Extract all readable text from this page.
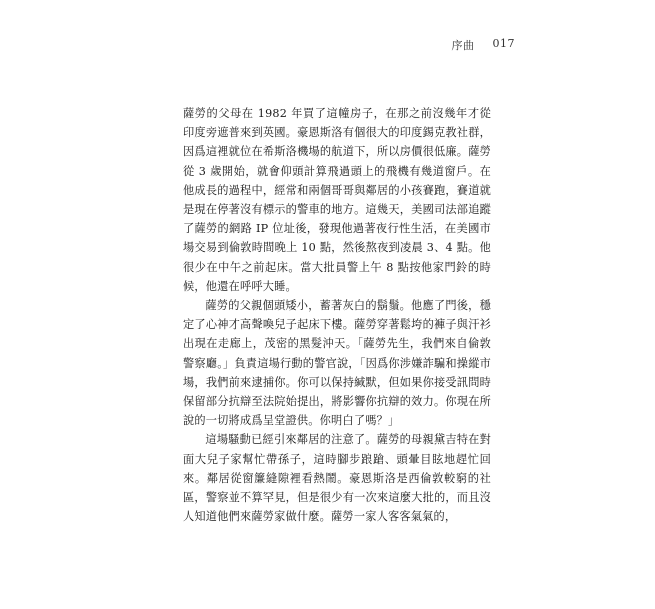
序曲 017

薩勞的父母在 1982 年買了這幢房子，在那之前沒幾年才從印度旁遮普來到英國。豪恩斯洛有個很大的印度錫克教社群，因爲這裡就位在希斯洛機場的航道下，所以房價很低廉。薩勞從 3 歲開始，就會仰頭計算飛過頭上的飛機有幾道窗戶。在他成長的過程中，經常和兩個哥哥與鄰居的小孩賽跑，賽道就是現在停著沒有標示的警車的地方。這幾天，美國司法部追蹤了薩勞的網路 IP 位址後，發現他過著夜行性生活，在美國市場交易到倫敦時間晚上 10 點，然後熬夜到凌晨 3、4 點。他很少在中午之前起床。當大批員警上午 8 點按他家門鈴的時候，他還在呼呼大睡。

薩勞的父親個頭矮小，蓄著灰白的鬍鬚。他應了門後，穩定了心神才高聲喚兒子起床下樓。薩勞穿著鬆垮的褲子與汗衫出現在走廊上，茂密的黑髮沖天。「薩勞先生，我們來自倫敦警察廳。」負責這場行動的警官說，「因爲你涉嫌詐騙和操縱市場，我們前來逮捕你。你可以保持緘默，但如果你接受訊問時保留部分抗辯至法院始提出，將影響你抗辯的效力。你現在所說的一切將成爲呈堂證供。你明白了嗎？」

這場騷動已經引來鄰居的注意了。薩勞的母親黛吉特在對面大兒子家幫忙帶孫子，這時腳步踉蹌、頭暈目眩地趕忙回來。鄰居從窗簾縫隙裡看熱鬧。豪恩斯洛是西倫敦較窮的社區，警察並不算罕見，但是很少有一次來這麼大批的，而且沒人知道他們來薩勞家做什麼。薩勞一家人客客氣氣的，
